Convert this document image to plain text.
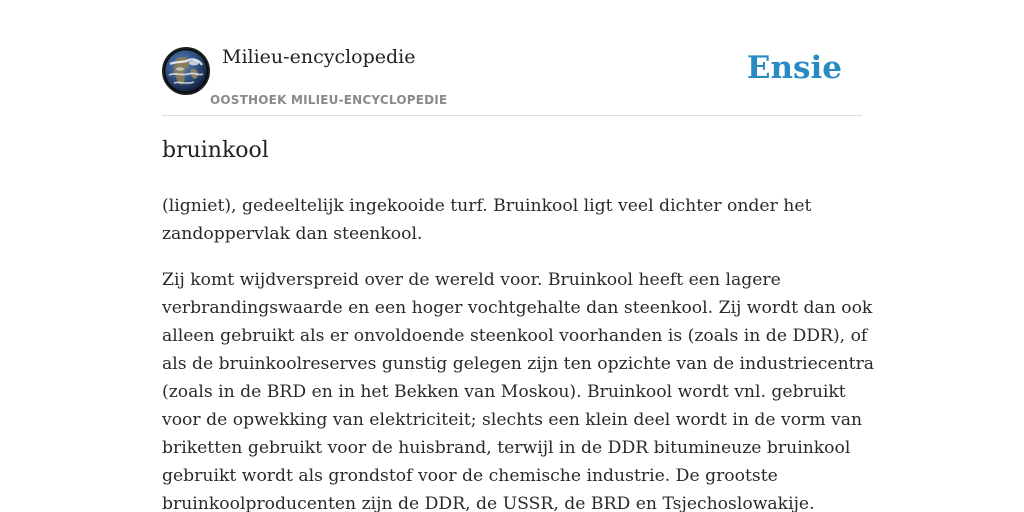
Milieu-encyclopedie
OOSTHOEK MILIEU-ENCYCLOPEDIE
Ensie
bruinkool

(ligniet), gedeeltelijk ingekooide turf. Bruinkool ligt veel dichter onder het
zandoppervlak dan steenkool.

Zij komt wijdverspreid over de wereld voor. Bruinkool heeft een lagere
verbrandingswaarde en een hoger vochtgehalte dan steenkool. Zij wordt dan ook
alleen gebruikt als er onvoldoende steenkool voorhanden is (zoals in de DDR), of
als de bruinkoolreserves gunstig gelegen zijn ten opzichte van de industriecentra
(zoals in de BRD en in het Bekken van Moskou). Bruinkool wordt vnl. gebruikt
voor de opwekking van elektriciteit; slechts een klein deel wordt in de vorm van
briketten gebruikt voor de huisbrand, terwijl in de DDR bitumineuze bruinkool
gebruikt wordt als grondstof voor de chemische industrie. De grootste
bruinkoolproducenten zijn de DDR, de USSR, de BRD en Tsjechoslowakije.
